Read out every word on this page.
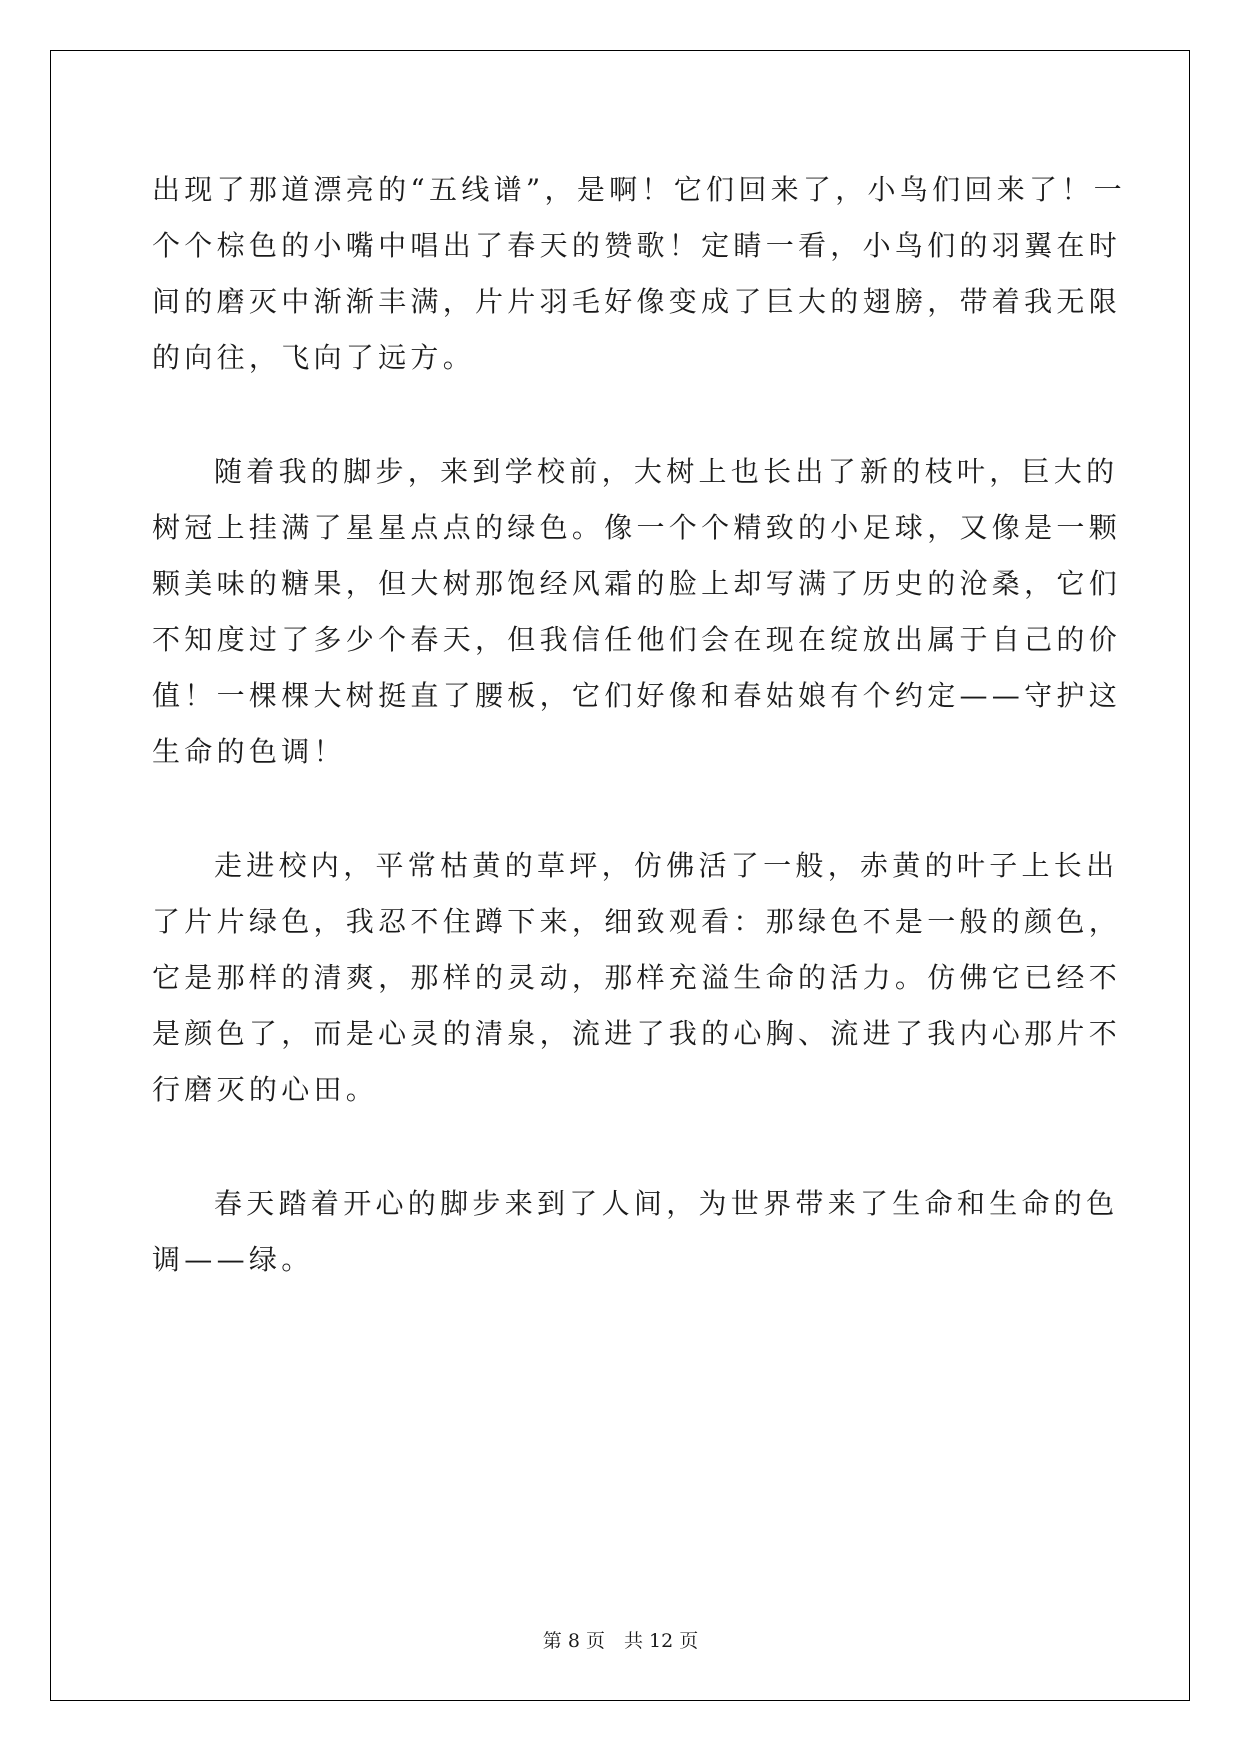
出现了那道漂亮的“五线谱”，是啊！它们回来了，小鸟们回来了！一
个个棕色的小嘴中唱出了春天的赞歌！定睛一看，小鸟们的羽翼在时
间的磨灭中渐渐丰满，片片羽毛好像变成了巨大的翅膀，带着我无限
的向往，飞向了远方。
随着我的脚步，来到学校前，大树上也长出了新的枝叶，巨大的
树冠上挂满了星星点点的绿色。像一个个精致的小足球，又像是一颗
颗美味的糖果，但大树那饱经风霜的脸上却写满了历史的沧桑，它们
不知度过了多少个春天，但我信任他们会在现在绽放出属于自己的价
值！一棵棵大树挺直了腰板，它们好像和春姑娘有个约定——守护这
生命的色调！
走进校内，平常枯黄的草坪，仿佛活了一般，赤黄的叶子上长出
了片片绿色，我忍不住蹲下来，细致观看：那绿色不是一般的颜色，
它是那样的清爽，那样的灵动，那样充溢生命的活力。仿佛它已经不
是颜色了，而是心灵的清泉，流进了我的心胸、流进了我内心那片不
行磨灭的心田。
春天踏着开心的脚步来到了人间，为世界带来了生命和生命的色
调——绿。
第 8 页　共 12 页
